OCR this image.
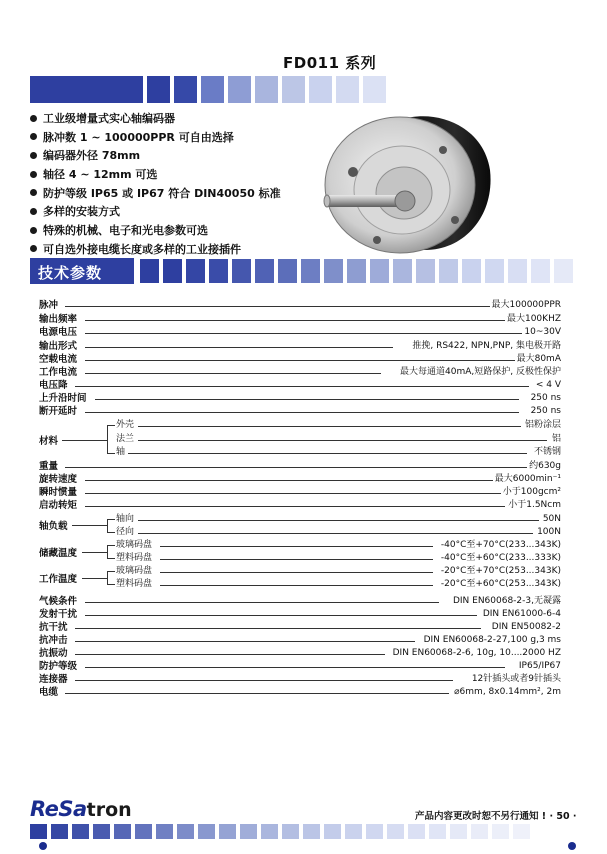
FD011 系列
工业级增量式实心轴编码器
脉冲数 1 ~ 100000PPR 可自由选择
编码器外径 78mm
轴径 4 ~ 12mm 可选
防护等级 IP65 或 IP67 符合 DIN40050 标准
多样的安装方式
特殊的机械、电子和光电参数可选
可自选外接电缆长度或多样的工业接插件
技术参数
脉冲	最大100000PPR
输出频率	最大100KHZ
电源电压	10~30V
输出形式	推挽, RS422, NPN,PNP, 集电极开路
空载电流	最大80mA
工作电流	最大每通道40mA,短路保护, 反极性保护
电压降	< 4 V
上升沿时间	250 ns
断开延时	250 ns
材料
外壳	铝粉涂层
法兰	铝
轴	不锈钢
重量	约630g
旋转速度	最大6000min⁻¹
瞬时惯量	小于100gcm²
启动转矩	小于1.5Ncm
轴负载
轴向	50N
径向	100N
储藏温度
玻璃码盘	-40°C至+70°C(233...343K)
塑料码盘	-40°C至+60°C(233...333K)
工作温度
玻璃码盘	-20°C至+70°C(253...343K)
塑料码盘	-20°C至+60°C(253...343K)
气候条件	DIN EN60068-2-3,无凝露
发射干扰	DIN EN61000-6-4
抗干扰	DIN EN50082-2
抗冲击	DIN EN60068-2-27,100 g,3 ms
抗振动	DIN EN60068-2-6, 10g, 10....2000 HZ
防护等级	IP65/IP67
连接器	12针插头或者9针插头
电缆	⌀6mm, 8x0.14mm², 2m
ReSatron	产品内容更改时恕不另行通知 ! · 50 ·
